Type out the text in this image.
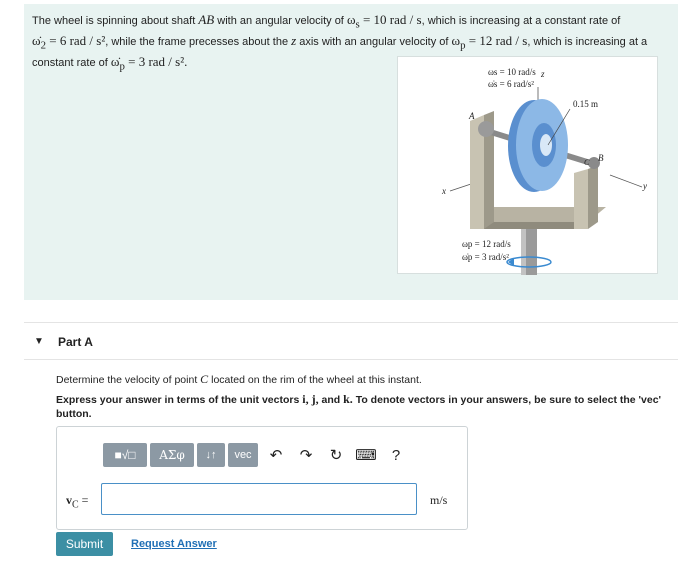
The wheel is spinning about shaft AB with an angular velocity of $\omega_s = 10$ rad / s, which is increasing at a constant rate of
$\omegȧ_2 = 6$ rad / s², while the frame precesses about the z axis with an angular velocity of $\omega_p = 12$ rad / s, which is increasing at a
constant rate of $\omegȧ_p = 3$ rad / s².
ωs = 10 rad/s
ω̇s = 6 rad/s²
z
0.15 m
A
B
C
x	y
ωp = 12 rad/s
ω̇p = 3 rad/s²
▼ Part A
Determine the velocity of point C located on the rim of the wheel at this instant.
Express your answer in terms of the unit vectors i, j, and k. To denote vectors in your answers, be sure to select the 'vec' button.
■√□	ΑΣφ	↓↑	vec	↶	↷	↻ ⌨	?
$v_C$ =	m/s
Submit	Request Answer
